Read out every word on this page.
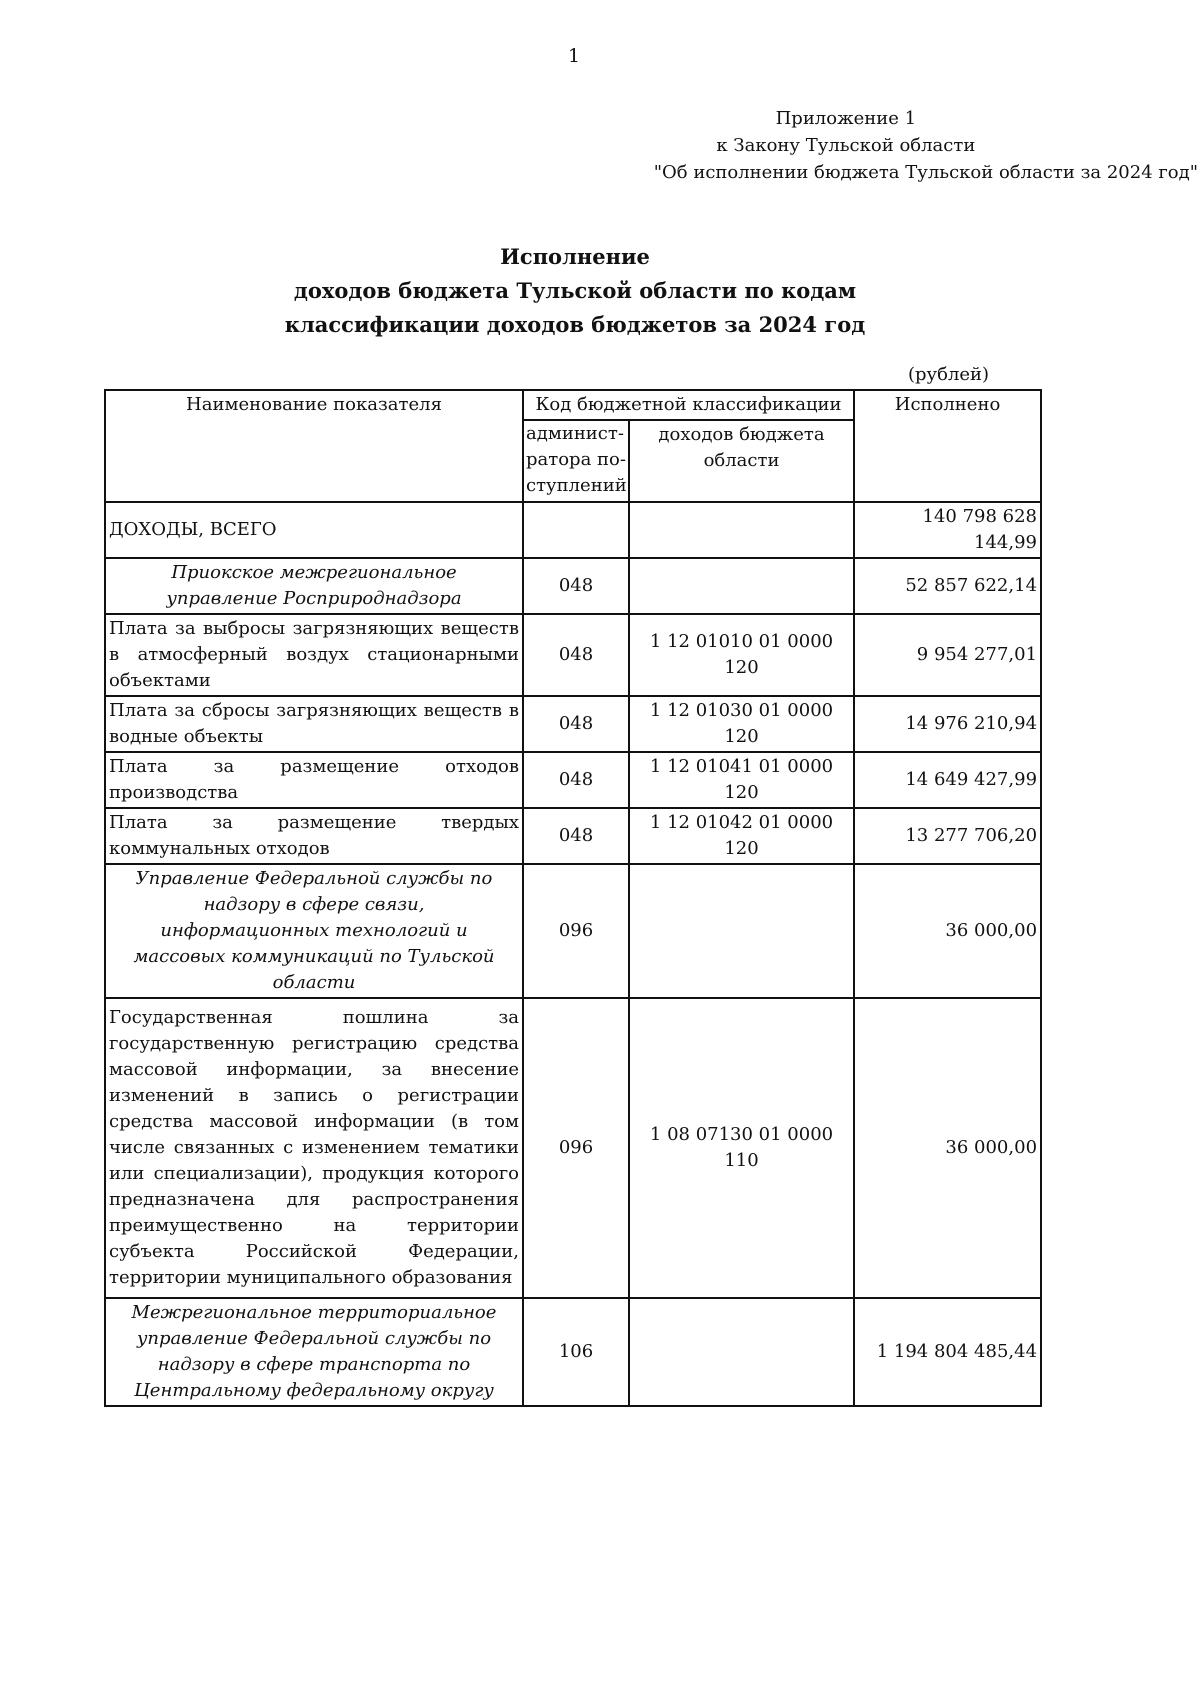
1
Приложение 1
к Закону Тульской области
"Об исполнении бюджета Тульской области за 2024 год"
Исполнение
доходов бюджета Тульской области по кодам
классификации доходов бюджетов за 2024 год
(рублей)
Наименование показателя	Код бюджетной классификации		Исполнено
	админист-
ратора по-
ступлений	доходов бюджета области	
ДОХОДЫ, ВСЕГО			140 798 628 144,99
Приокское межрегиональное управление Росприроднадзора	048		52 857 622,14
Плата за выбросы загрязняющих веществ в атмосферный воздух стационарными объектами	048	1 12 01010 01 0000 120	9 954 277,01
Плата за сбросы загрязняющих веществ в водные объекты	048	1 12 01030 01 0000 120	14 976 210,94
Плата за размещение отходов производства	048	1 12 01041 01 0000 120	14 649 427,99
Плата за размещение твердых коммунальных отходов	048	1 12 01042 01 0000 120	13 277 706,20
Управление Федеральной службы по надзору в сфере связи, информационных технологий и массовых коммуникаций по Тульской области	096		36 000,00
Государственная пошлина за государственную регистрацию средства массовой информации, за внесение изменений в запись о регистрации средства массовой информации (в том числе связанных с изменением тематики или специализации), продукция которого предназначена для распространения преимущественно на территории субъекта Российской Федерации, территории муниципального образования	096	1 08 07130 01 0000 110	36 000,00
Межрегиональное территориальное управление Федеральной службы по надзору в сфере транспорта по Центральному федеральному округу	106		1 194 804 485,44
